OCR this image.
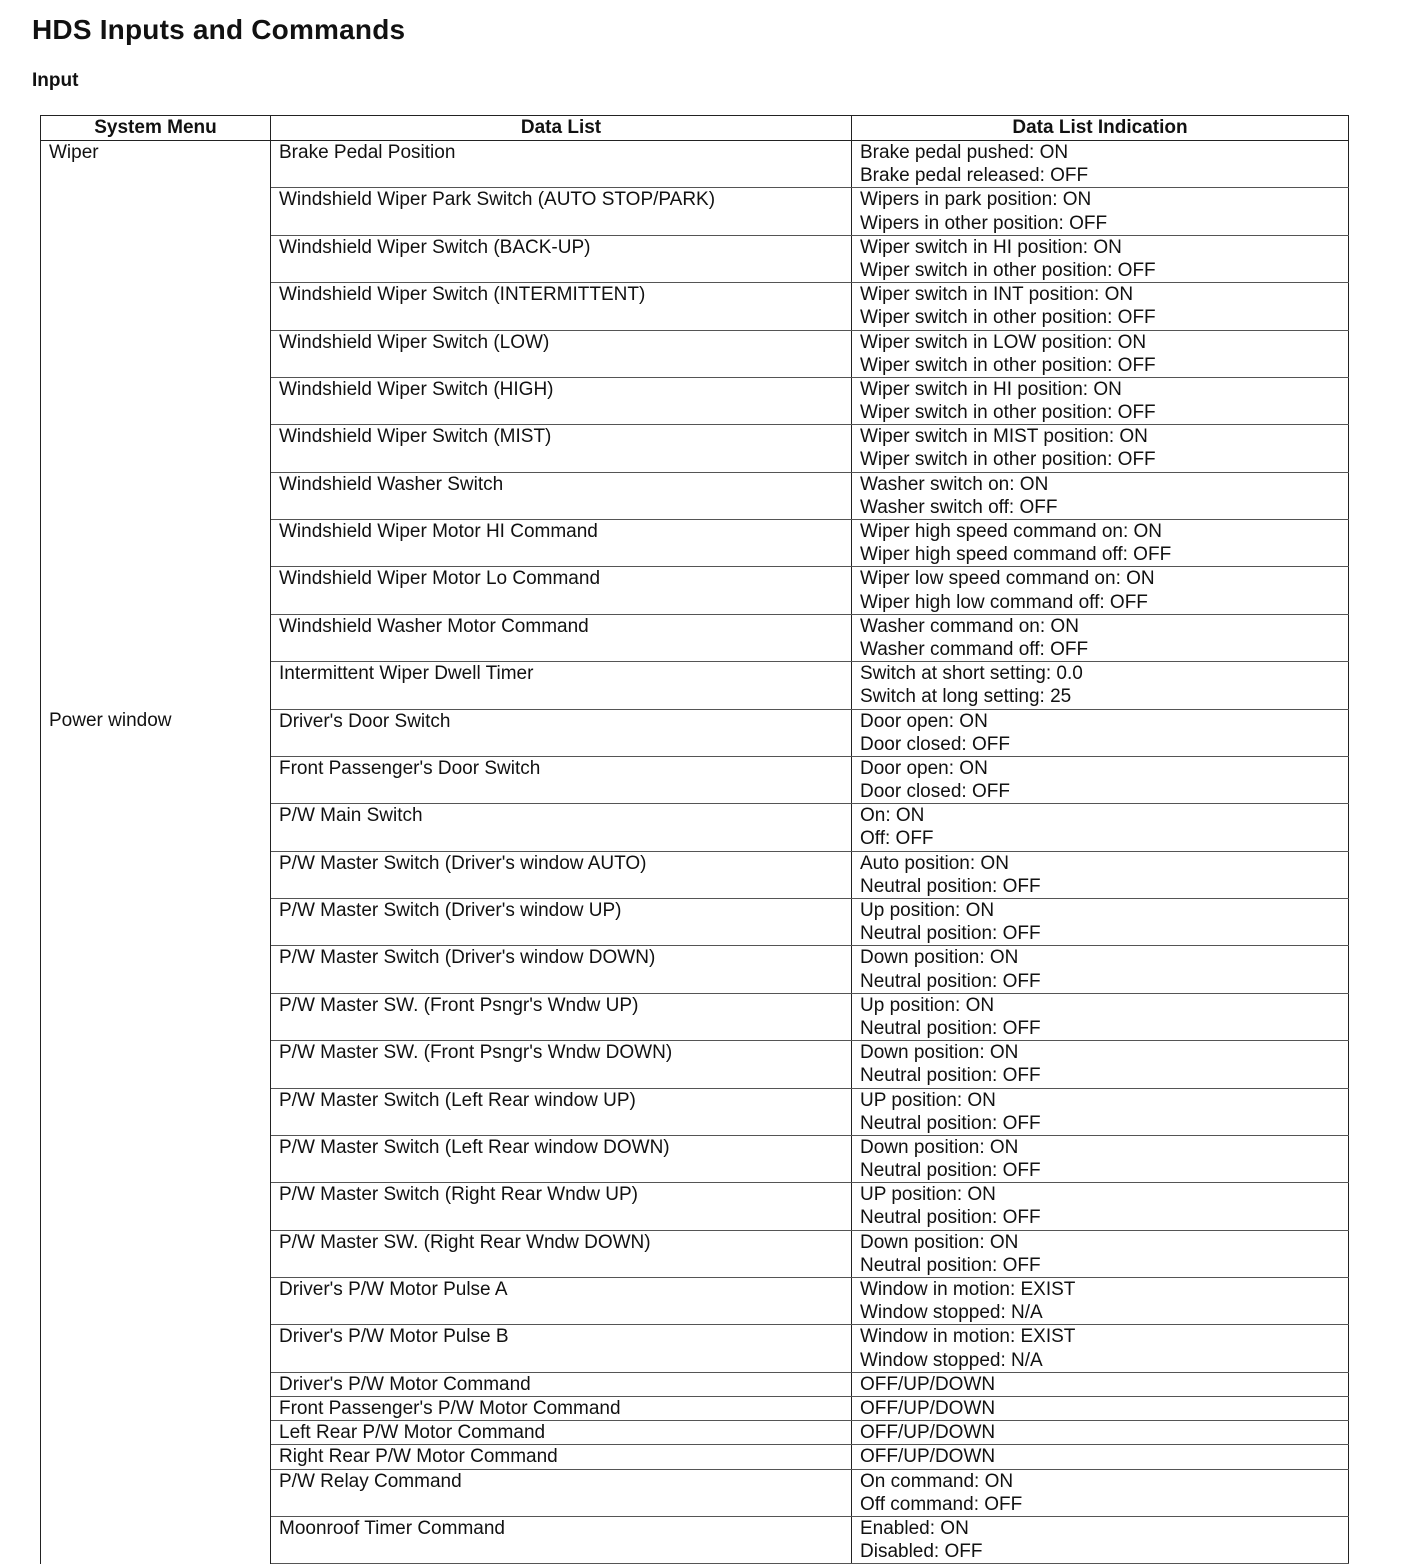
HDS Inputs and Commands
Input
System Menu	Data List	Data List Indication
Wiper	Brake Pedal Position	Brake pedal pushed: ON
Brake pedal released: OFF

	Windshield Wiper Park Switch (AUTO STOP/PARK)	Wipers in park position: ON
Wipers in other position: OFF

	Windshield Wiper Switch (BACK-UP)	Wiper switch in HI position: ON
Wiper switch in other position: OFF

	Windshield Wiper Switch (INTERMITTENT)	Wiper switch in INT position: ON
Wiper switch in other position: OFF

	Windshield Wiper Switch (LOW)	Wiper switch in LOW position: ON
Wiper switch in other position: OFF

	Windshield Wiper Switch (HIGH)	Wiper switch in HI position: ON
Wiper switch in other position: OFF

	Windshield Wiper Switch (MIST)	Wiper switch in MIST position: ON
Wiper switch in other position: OFF

	Windshield Washer Switch	Washer switch on: ON
Washer switch off: OFF

	Windshield Wiper Motor HI Command	Wiper high speed command on: ON
Wiper high speed command off: OFF

	Windshield Wiper Motor Lo Command	Wiper low speed command on: ON
Wiper high low command off: OFF

	Windshield Washer Motor Command	Washer command on: ON
Washer command off: OFF

	Intermittent Wiper Dwell Timer	Switch at short setting: 0.0
Switch at long setting: 25

Power window	Driver's Door Switch	Door open: ON
Door closed: OFF

	Front Passenger's Door Switch	Door open: ON
Door closed: OFF

	P/W Main Switch	On: ON
Off: OFF

	P/W Master Switch (Driver's window AUTO)	Auto position: ON
Neutral position: OFF

	P/W Master Switch (Driver's window UP)	Up position: ON
Neutral position: OFF

	P/W Master Switch (Driver's window DOWN)	Down position: ON
Neutral position: OFF

	P/W Master SW. (Front Psngr's Wndw UP)	Up position: ON
Neutral position: OFF

	P/W Master SW. (Front Psngr's Wndw DOWN)	Down position: ON
Neutral position: OFF

	P/W Master Switch (Left Rear window UP)	UP position: ON
Neutral position: OFF

	P/W Master Switch (Left Rear window DOWN)	Down position: ON
Neutral position: OFF

	P/W Master Switch (Right Rear Wndw UP)	UP position: ON
Neutral position: OFF

	P/W Master SW. (Right Rear Wndw DOWN)	Down position: ON
Neutral position: OFF

	Driver's P/W Motor Pulse A	Window in motion: EXIST
Window stopped: N/A

	Driver's P/W Motor Pulse B	Window in motion: EXIST
Window stopped: N/A

	Driver's P/W Motor Command	OFF/UP/DOWN

	Front Passenger's P/W Motor Command	OFF/UP/DOWN

	Left Rear P/W Motor Command	OFF/UP/DOWN

	Right Rear P/W Motor Command	OFF/UP/DOWN

	P/W Relay Command	On command: ON
Off command: OFF

	Moonroof Timer Command	Enabled: ON
Disabled: OFF
